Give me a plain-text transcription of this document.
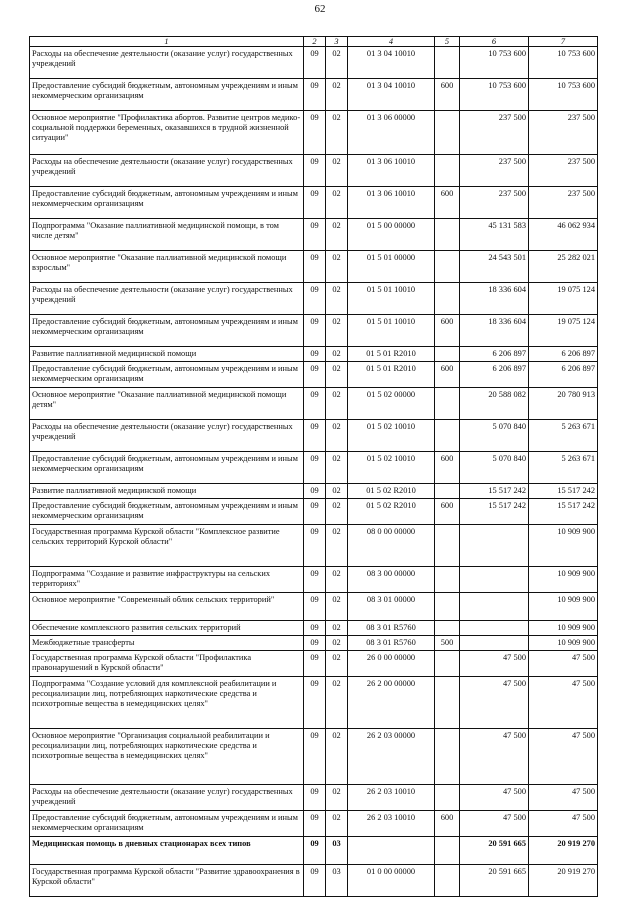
62
1	2	3	4	5	6	7
Расходы на обеспечение деятельности (оказание услуг) государственных учреждений	09	02	01 3 04 10010		10 753 600	10 753 600
Предоставление субсидий бюджетным, автономным учреждениям и иным некоммерческим организациям	09	02	01 3 04 10010	600	10 753 600	10 753 600
Основное мероприятие "Профилактика абортов. Развитие центров медико-социальной поддержки беременных, оказавшихся в трудной жизненной ситуации"	09	02	01 3 06 00000		237 500	237 500
Расходы на обеспечение деятельности (оказание услуг) государственных учреждений	09	02	01 3 06 10010		237 500	237 500
Предоставление субсидий бюджетным, автономным учреждениям и иным некоммерческим организациям	09	02	01 3 06 10010	600	237 500	237 500
Подпрограмма "Оказание паллиативной медицинской помощи, в том числе детям"	09	02	01 5 00 00000		45 131 583	46 062 934
Основное мероприятие "Оказание паллиативной медицинской помощи взрослым"	09	02	01 5 01 00000		24 543 501	25 282 021
Расходы на обеспечение деятельности (оказание услуг) государственных учреждений	09	02	01 5 01 10010		18 336 604	19 075 124
Предоставление субсидий бюджетным, автономным учреждениям и иным некоммерческим организациям	09	02	01 5 01 10010	600	18 336 604	19 075 124
Развитие паллиативной медицинской помощи	09	02	01 5 01 R2010		6 206 897	6 206 897
Предоставление субсидий бюджетным, автономным учреждениям и иным некоммерческим организациям	09	02	01 5 01 R2010	600	6 206 897	6 206 897
Основное мероприятие "Оказание паллиативной медицинской помощи детям"	09	02	01 5 02 00000		20 588 082	20 780 913
Расходы на обеспечение деятельности (оказание услуг) государственных учреждений	09	02	01 5 02 10010		5 070 840	5 263 671
Предоставление субсидий бюджетным, автономным учреждениям и иным некоммерческим организациям	09	02	01 5 02 10010	600	5 070 840	5 263 671
Развитие паллиативной медицинской помощи	09	02	01 5 02 R2010		15 517 242	15 517 242
Предоставление субсидий бюджетным, автономным учреждениям и иным некоммерческим организациям	09	02	01 5 02 R2010	600	15 517 242	15 517 242
Государственная программа Курской области "Комплексное развитие сельских территорий Курской области"	09	02	08 0 00 00000			10 909 900
Подпрограмма "Создание и развитие инфраструктуры на сельских территориях"	09	02	08 3 00 00000			10 909 900
Основное мероприятие "Современный облик сельских территорий"	09	02	08 3 01 00000			10 909 900
Обеспечение комплексного развития сельских территорий	09	02	08 3 01 R5760			10 909 900
Межбюджетные трансферты	09	02	08 3 01 R5760	500		10 909 900
Государственная программа Курской области "Профилактика правонарушений в Курской области"	09	02	26 0 00 00000		47 500	47 500
Подпрограмма "Создание условий для комплексной реабилитации и ресоциализации лиц, потребляющих наркотические средства и психотропные вещества в немедицинских целях"	09	02	26 2 00 00000		47 500	47 500
Основное мероприятие "Организация социальной реабилитации и ресоциализации лиц, потребляющих наркотические средства и психотропные вещества в немедицинских целях"	09	02	26 2 03 00000		47 500	47 500
Расходы на обеспечение деятельности (оказание услуг) государственных учреждений	09	02	26 2 03 10010		47 500	47 500
Предоставление субсидий бюджетным, автономным учреждениям и иным некоммерческим организациям	09	02	26 2 03 10010	600	47 500	47 500
Медицинская помощь в дневных стационарах всех типов	09	03			20 591 665	20 919 270
Государственная программа Курской области "Развитие здравоохранения в Курской области"	09	03	01 0 00 00000		20 591 665	20 919 270
